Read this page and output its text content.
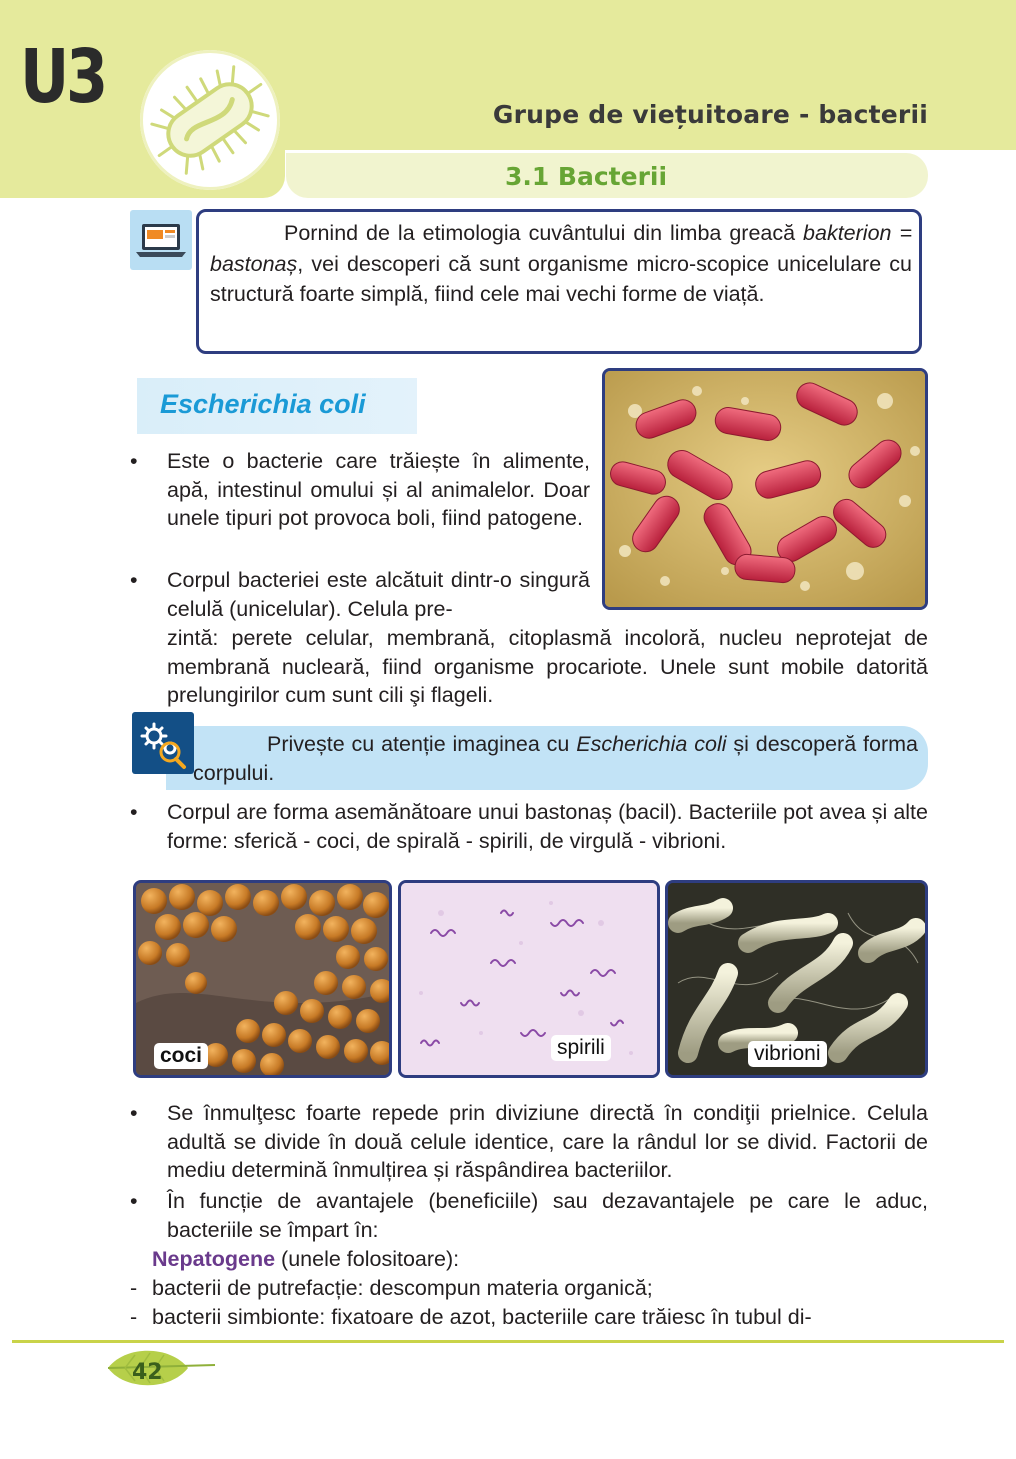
U3	Grupe de viețuitoare - bacterii
3.1 Bacterii
Pornind de la etimologia cuvântului din limba greacă bakterion = bastonaș, vei descoperi că sunt organisme micro-scopice unicelulare cu structură foarte simplă, fiind cele mai vechi forme de viață.
Escherichia coli
• Este o bacterie care trăiește în alimente, apă, intestinul omului și al animalelor. Doar unele tipuri pot provoca boli, fiind patogene.
• Corpul bacteriei este alcătuit dintr-o singură celulă (unicelular). Celula pre-
zintă: perete celular, membrană, citoplasmă incoloră, nucleu neprotejat de membrană nucleară, fiind organisme procariote. Unele sunt mobile datorită prelungirilor cum sunt cili şi flageli.
Privește cu atenție imaginea cu Escherichia coli și descoperă forma corpului.
• Corpul are forma asemănătoare unui bastonaș (bacil). Bacteriile pot avea și alte forme: sferică - coci, de spirală - spirili, de virgulă - vibrioni.
coci	spirili	vibrioni
• Se înmulţesc foarte repede prin diviziune directă în condiţii prielnice. Celula adultă se divide în două celule identice, care la rândul lor se divid. Factorii de mediu determină înmulțirea și răspândirea bacteriilor.
• În funcție de avantajele (beneficiile) sau dezavantajele pe care le aduc, bacteriile se împart în:
Nepatogene (unele folositoare):
- bacterii de putrefacție: descompun materia organică;
- bacterii simbionte: fixatoare de azot, bacteriile care trăiesc în tubul di-
42
